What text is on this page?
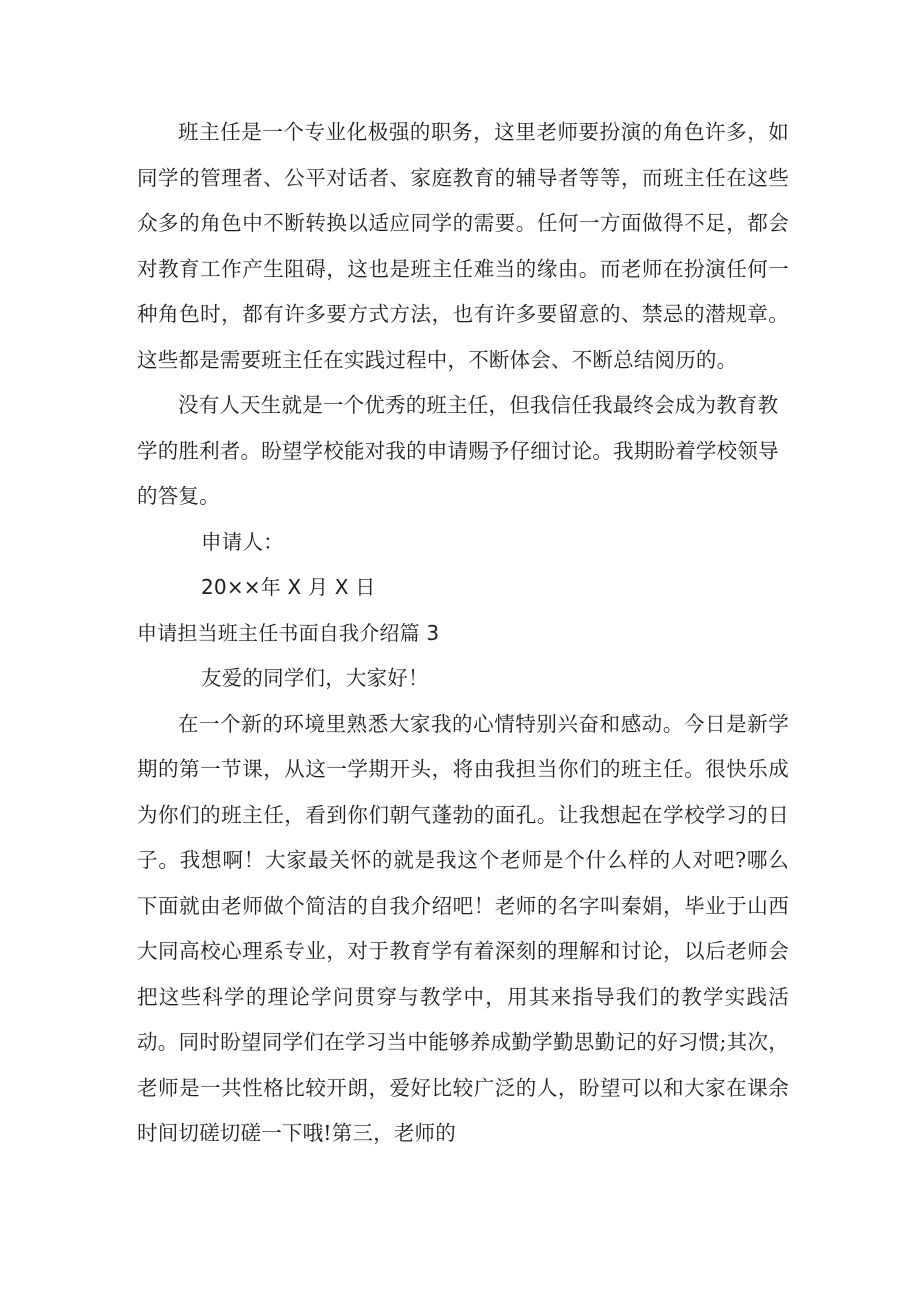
班主任是一个专业化极强的职务，这里老师要扮演的角色许多，如同学的管理者、公平对话者、家庭教育的辅导者等等，而班主任在这些众多的角色中不断转换以适应同学的需要。任何一方面做得不足，都会对教育工作产生阻碍，这也是班主任难当的缘由。而老师在扮演任何一种角色时，都有许多要方式方法，也有许多要留意的、禁忌的潜规章。这些都是需要班主任在实践过程中，不断体会、不断总结阅历的。

没有人天生就是一个优秀的班主任，但我信任我最终会成为教育教学的胜利者。盼望学校能对我的申请赐予仔细讨论。我期盼着学校领导的答复。

申请人：

20××年 X 月 X 日

申请担当班主任书面自我介绍篇 3

友爱的同学们，大家好！

在一个新的环境里熟悉大家我的心情特别兴奋和感动。今日是新学期的第一节课，从这一学期开头，将由我担当你们的班主任。很快乐成为你们的班主任，看到你们朝气蓬勃的面孔。让我想起在学校学习的日子。我想啊！大家最关怀的就是我这个老师是个什么样的人对吧?哪么下面就由老师做个简洁的自我介绍吧！老师的名字叫秦娟，毕业于山西大同高校心理系专业，对于教育学有着深刻的理解和讨论，以后老师会把这些科学的理论学问贯穿与教学中，用其来指导我们的教学实践活动。同时盼望同学们在学习当中能够养成勤学勤思勤记的好习惯;其次，老师是一共性格比较开朗，爱好比较广泛的人，盼望可以和大家在课余时间切磋切磋一下哦!第三，老师的
